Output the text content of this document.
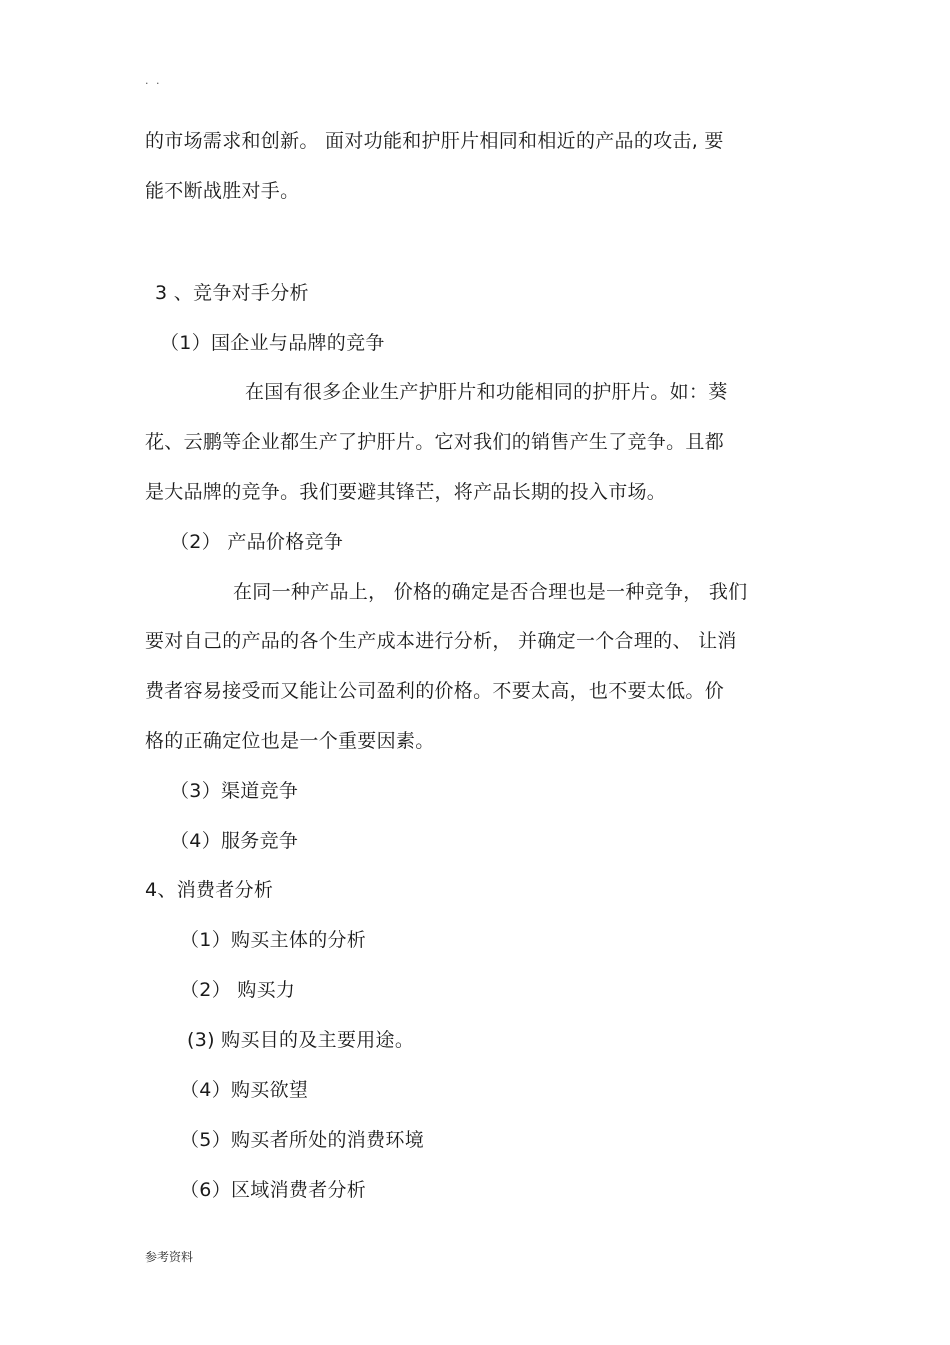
. .
的市场需求和创新。 面对功能和护肝片相同和相近的产品的攻击, 要
能不断战胜对手。
3 、竞争对手分析
（1）国企业与品牌的竞争
在国有很多企业生产护肝片和功能相同的护肝片。如：葵
花、云鹏等企业都生产了护肝片。它对我们的销售产生了竞争。且都
是大品牌的竞争。我们要避其锋芒，将产品长期的投入市场。
（2） 产品价格竞争
在同一种产品上， 价格的确定是否合理也是一种竞争， 我们
要对自己的产品的各个生产成本进行分析， 并确定一个合理的、 让消
费者容易接受而又能让公司盈利的价格。不要太高，也不要太低。价
格的正确定位也是一个重要因素。
（3）渠道竞争
（4）服务竞争
4、消费者分析
（1）购买主体的分析
（2） 购买力
(3) 购买目的及主要用途。
（4）购买欲望
（5）购买者所处的消费环境
（6）区域消费者分析
参考资料
